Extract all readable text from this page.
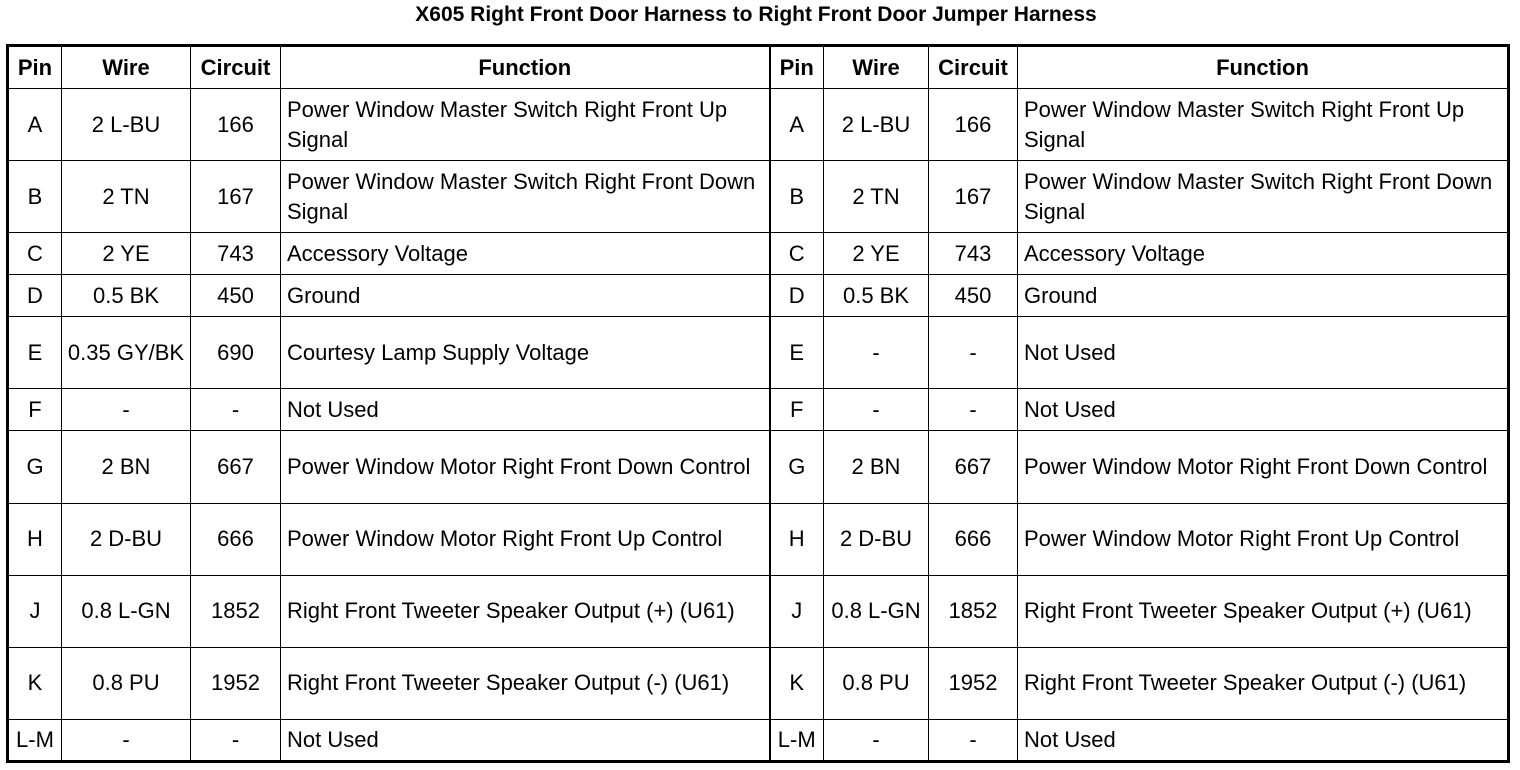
X605 Right Front Door Harness to Right Front Door Jumper Harness
Pin	Wire	Circuit	Function	Pin	Wire	Circuit	Function
A	2 L-BU	166	Power Window Master Switch Right Front Up Signal	A	2 L-BU	166	Power Window Master Switch Right Front Up Signal
B	2 TN	167	Power Window Master Switch Right Front Down Signal	B	2 TN	167	Power Window Master Switch Right Front Down Signal
C	2 YE	743	Accessory Voltage	C	2 YE	743	Accessory Voltage
D	0.5 BK	450	Ground	D	0.5 BK	450	Ground
E	0.35 GY/BK	690	Courtesy Lamp Supply Voltage	E	-	-	Not Used
F	-	-	Not Used	F	-	-	Not Used
G	2 BN	667	Power Window Motor Right Front Down Control	G	2 BN	667	Power Window Motor Right Front Down Control
H	2 D-BU	666	Power Window Motor Right Front Up Control	H	2 D-BU	666	Power Window Motor Right Front Up Control
J	0.8 L-GN	1852	Right Front Tweeter Speaker Output (+) (U61)	J	0.8 L-GN	1852	Right Front Tweeter Speaker Output (+) (U61)
K	0.8 PU	1952	Right Front Tweeter Speaker Output (-) (U61)	K	0.8 PU	1952	Right Front Tweeter Speaker Output (-) (U61)
L-M	-	-	Not Used	L-M	-	-	Not Used
